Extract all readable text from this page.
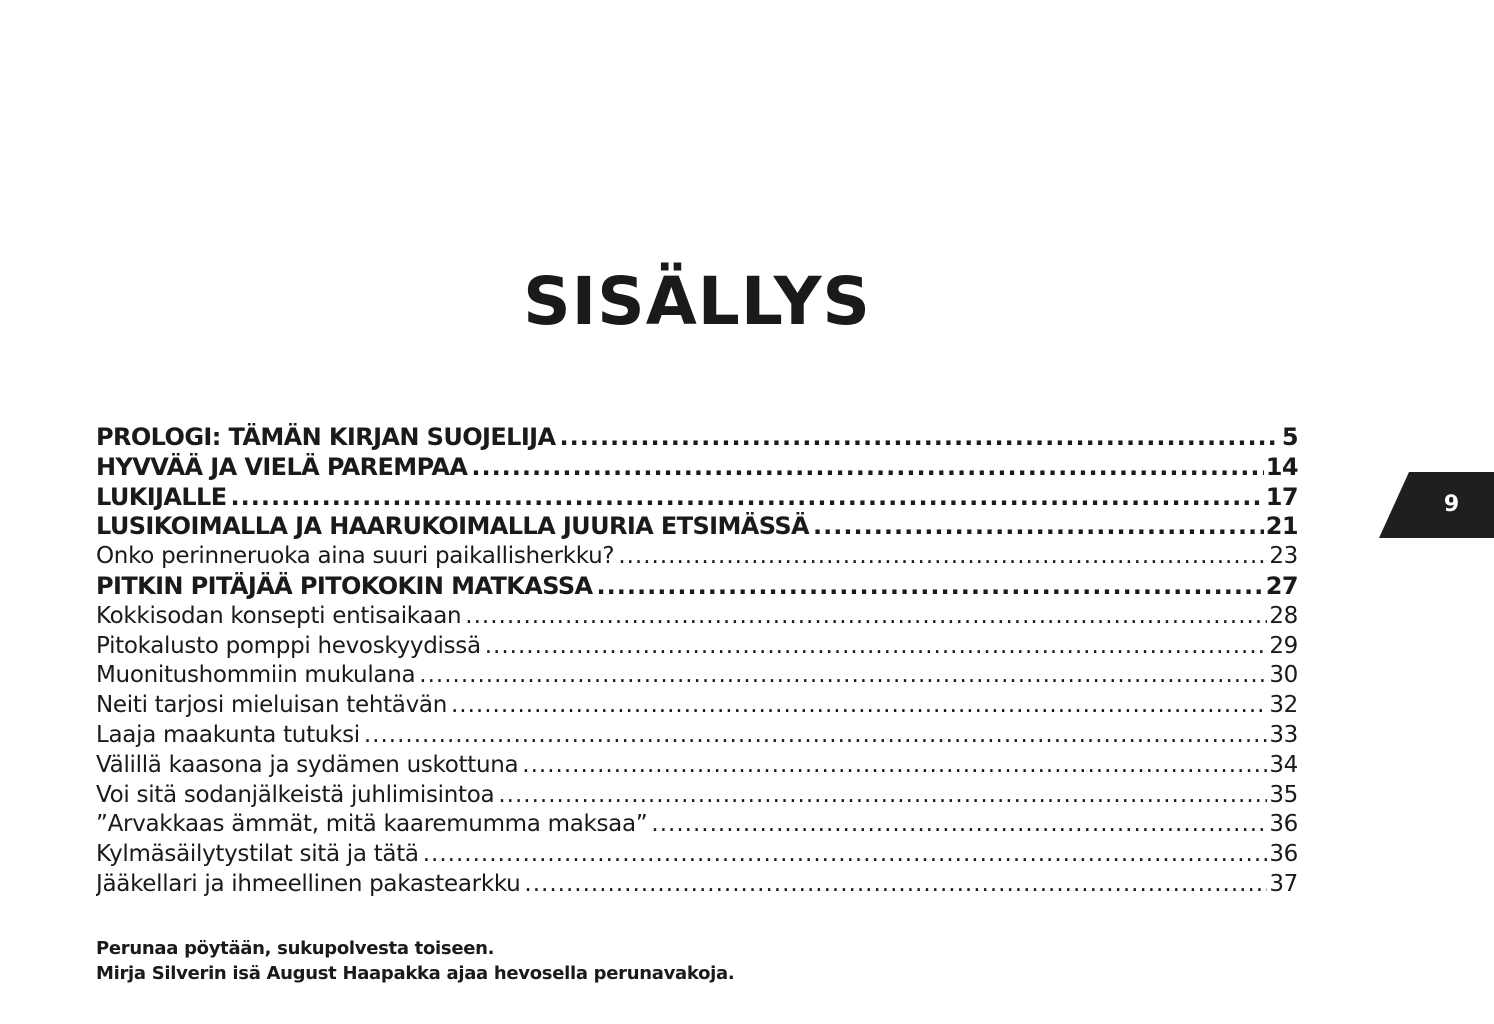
SISÄLLYS
PROLOGI: TÄMÄN KIRJAN SUOJELIJA .....	5
HYVVÄÄ JA VIELÄ PAREMPAA .....	14
LUKIJALLE .....	17
LUSIKOIMALLA JA HAARUKOIMALLA JUURIA ETSIMÄSSÄ .....	21
Onko perinneruoka aina suuri paikallisherkku? .....	23
PITKIN PITÄJÄÄ PITOKOKIN MATKASSA .....	27
Kokkisodan konsepti entisaikaan .....	28
Pitokalusto pomppi hevoskyydissä .....	29
Muonitushommiin mukulana .....	30
Neiti tarjosi mieluisan tehtävän .....	32
Laaja maakunta tutuksi .....	33
Välillä kaasona ja sydämen uskottuna .....	34
Voi sitä sodanjälkeistä juhlimisintoa .....	35
”Arvakkaas ämmät, mitä kaaremumma maksaa” .....	36
Kylmäsäilytystilat sitä ja tätä .....	36
Jääkellari ja ihmeellinen pakastearkku .....	37
9
Perunaa pöytään, sukupolvesta toiseen.
Mirja Silverin isä August Haapakka ajaa hevosella perunavakoja.
